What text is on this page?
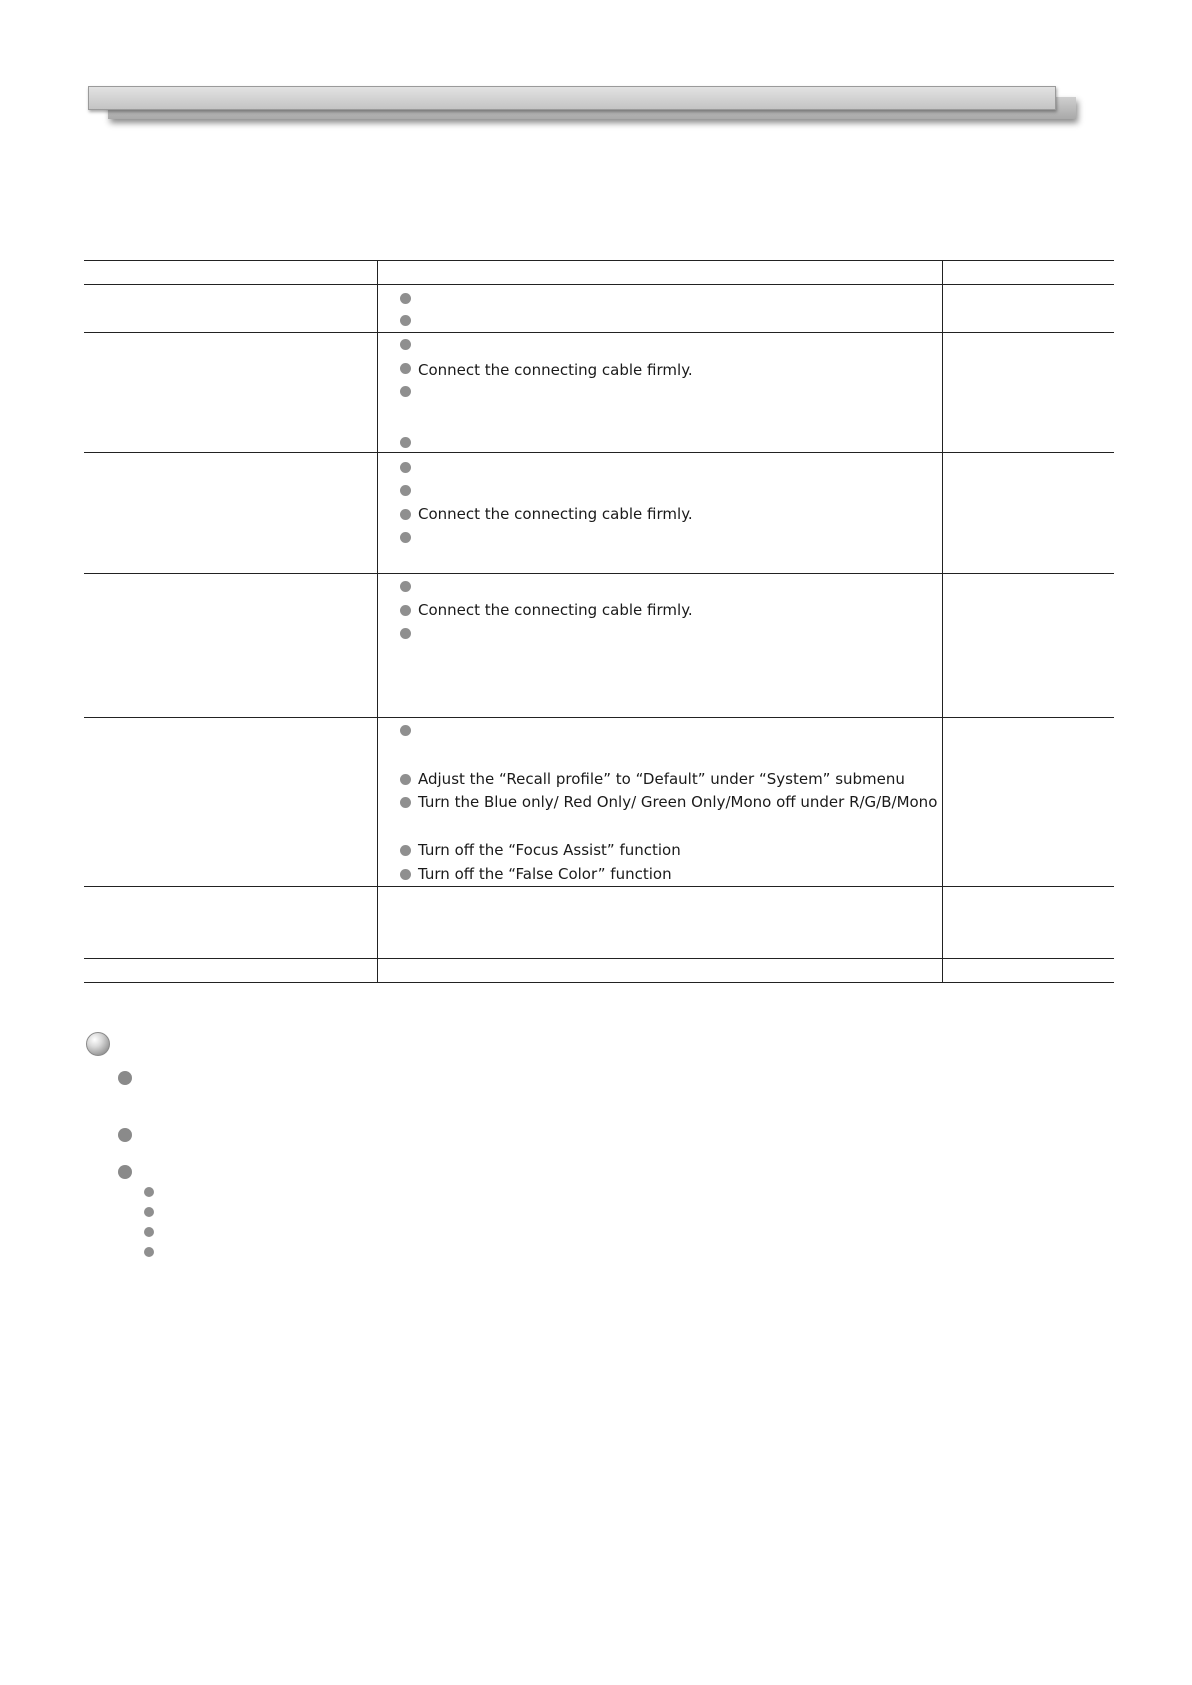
Connect the connecting cable firmly.
Connect the connecting cable firmly.
Connect the connecting cable firmly.
Adjust the “Recall profile” to “Default” under “System” submenu
Turn the Blue only/ Red Only/ Green Only/Mono off under R/G/B/Mono
Turn off the “Focus Assist” function
Turn off the “False Color” function
